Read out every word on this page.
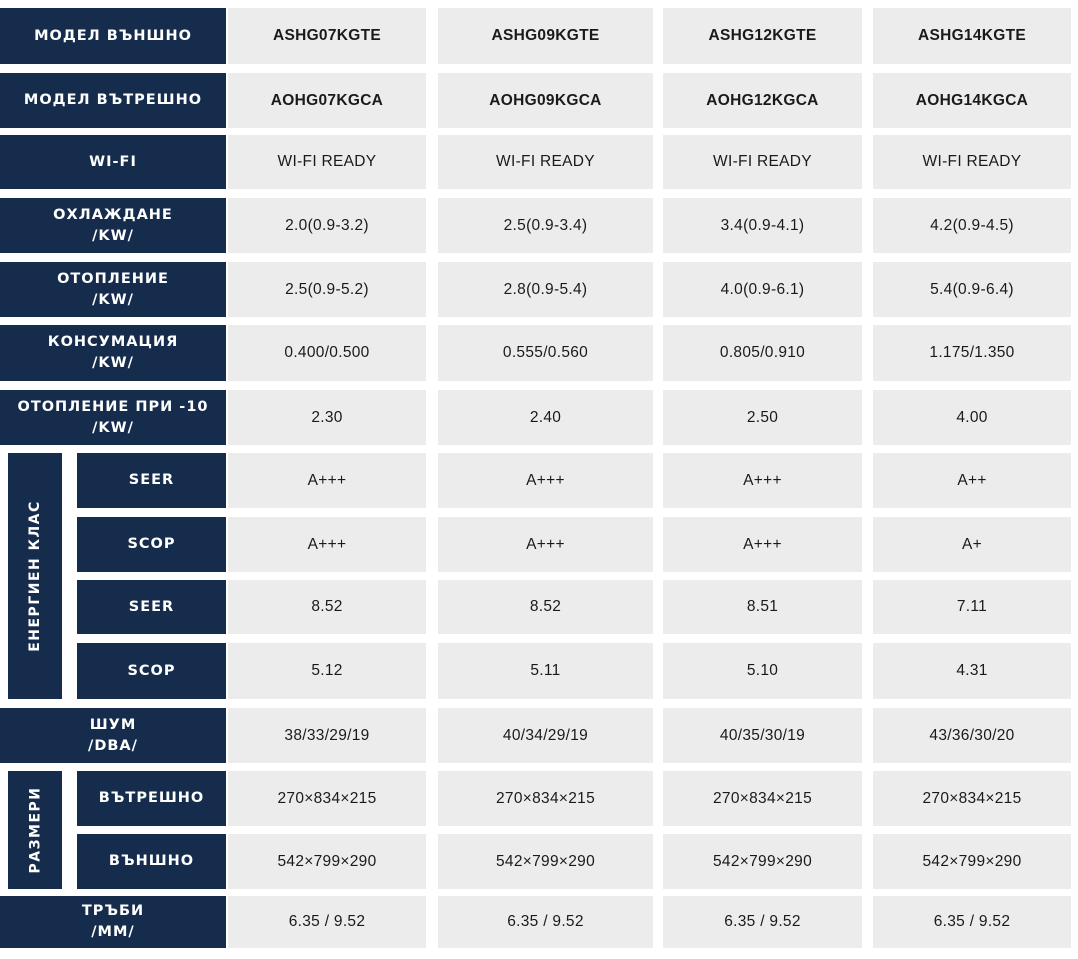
МОДЕЛ ВЪНШНО	ASHG07KGTE	ASHG09KGTE	ASHG12KGTE	ASHG14KGTE
МОДЕЛ ВЪТРЕШНО	AOHG07KGCA	AOHG09KGCA	AOHG12KGCA	AOHG14KGCA
WI-FI	WI-FI READY	WI-FI READY	WI-FI READY	WI-FI READY
ОХЛАЖДАНЕ
/KW/
2.0(0.9-3.2)	2.5(0.9-3.4)	3.4(0.9-4.1)	4.2(0.9-4.5)
ОТОПЛЕНИЕ
/KW/
2.5(0.9-5.2)	2.8(0.9-5.4)	4.0(0.9-6.1)	5.4(0.9-6.4)
КОНСУМАЦИЯ
/KW/
0.400/0.500	0.555/0.560	0.805/0.910	1.175/1.350
ОТОПЛЕНИЕ ПРИ -10
/KW/
2.30	2.40	2.50	4.00
ЕНЕРГИЕН КЛАС
SEER	A+++	A+++	A+++	A++
SCOP	A+++	A+++	A+++	A+
SEER	8.52	8.52	8.51	7.11
SCOP	5.12	5.11	5.10	4.31
ШУМ
/DBA/
38/33/29/19	40/34/29/19	40/35/30/19	43/36/30/20
РАЗМЕРИ	ВЪТРЕШНО	270×834×215	270×834×215	270×834×215	270×834×215
ВЪНШНО	542×799×290	542×799×290	542×799×290	542×799×290
ТРЪБИ
/MM/
6.35 / 9.52	6.35 / 9.52	6.35 / 9.52	6.35 / 9.52
